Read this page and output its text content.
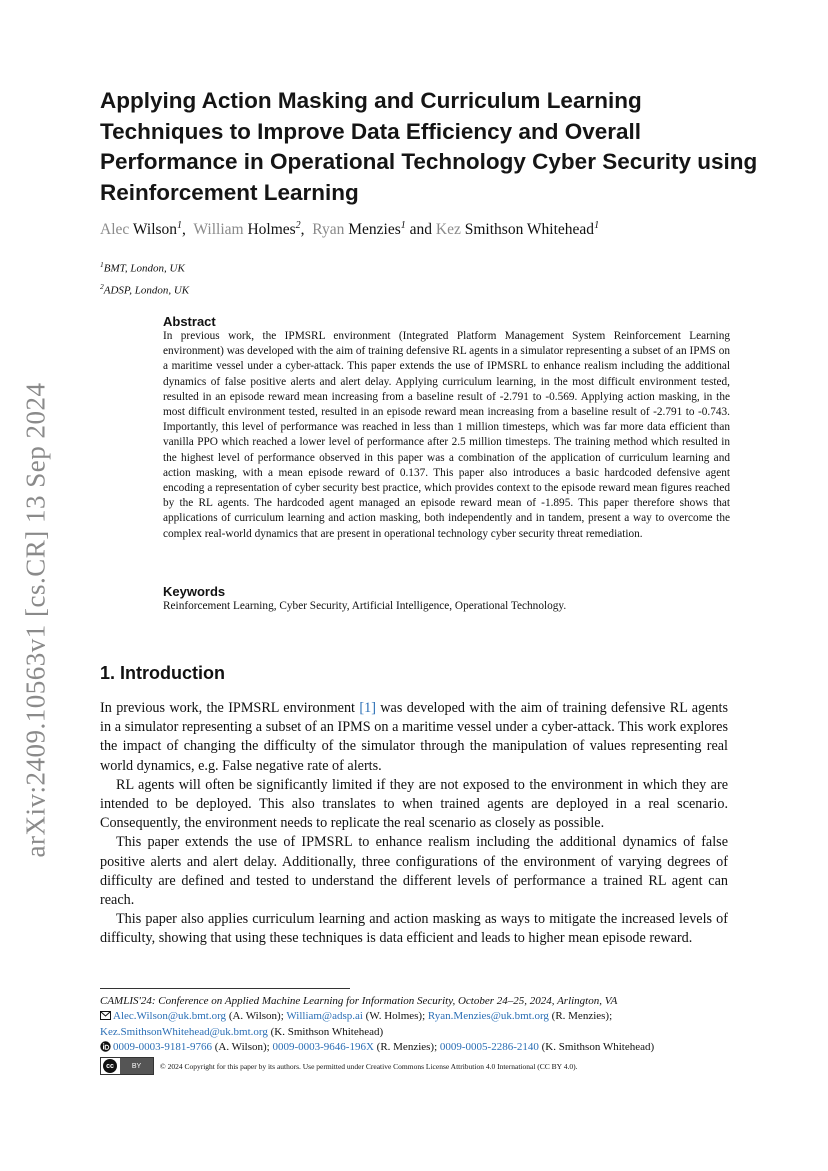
arXiv:2409.10563v1 [cs.CR] 13 Sep 2024
Applying Action Masking and Curriculum Learning Techniques to Improve Data Efficiency and Overall Performance in Operational Technology Cyber Security using Reinforcement Learning
Alec Wilson$^1$,  William Holmes$^2$,  Ryan Menzies$^1$ and Kez Smithson Whitehead$^1$
$^1$BMT, London, UK
$^2$ADSP, London, UK
Abstract

In previous work, the IPMSRL environment (Integrated Platform Management System Reinforcement Learning environment) was developed with the aim of training defensive RL agents in a simulator representing a subset of an IPMS on a maritime vessel under a cyber-attack. This paper extends the use of IPMSRL to enhance realism including the additional dynamics of false positive alerts and alert delay. Applying curriculum learning, in the most difficult environment tested, resulted in an episode reward mean increasing from a baseline result of -2.791 to -0.569. Applying action masking, in the most difficult environment tested, resulted in an episode reward mean increasing from a baseline result of -2.791 to -0.743. Importantly, this level of performance was reached in less than 1 million timesteps, which was far more data efficient than vanilla PPO which reached a lower level of performance after 2.5 million timesteps. The training method which resulted in the highest level of performance observed in this paper was a combination of the application of curriculum learning and action masking, with a mean episode reward of 0.137. This paper also introduces a basic hardcoded defensive agent encoding a representation of cyber security best practice, which provides context to the episode reward mean figures reached by the RL agents. The hardcoded agent managed an episode reward mean of -1.895. This paper therefore shows that applications of curriculum learning and action masking, both independently and in tandem, present a way to overcome the complex real-world dynamics that are present in operational technology cyber security threat remediation.

Keywords

Reinforcement Learning, Cyber Security, Artificial Intelligence, Operational Technology.

1. Introduction

In previous work, the IPMSRL environment [1] was developed with the aim of training defensive RL agents in a simulator representing a subset of an IPMS on a maritime vessel under a cyber-attack. This work explores the impact of changing the difficulty of the simulator through the manipulation of values representing real world dynamics, e.g. False negative rate of alerts.

RL agents will often be significantly limited if they are not exposed to the environment in which they are intended to be deployed. This also translates to when trained agents are deployed in a real scenario. Consequently, the environment needs to replicate the real scenario as closely as possible.

This paper extends the use of IPMSRL to enhance realism including the additional dynamics of false positive alerts and alert delay. Additionally, three configurations of the environment of varying degrees of difficulty are defined and tested to understand the different levels of performance a trained RL agent can reach.

This paper also applies curriculum learning and action masking as ways to mitigate the increased levels of difficulty, showing that using these techniques is data efficient and leads to higher mean episode reward.

CAMLIS'24: Conference on Applied Machine Learning for Information Security, October 24–25, 2024, Arlington, VA

Alec.Wilson@uk.bmt.org (A. Wilson); William@adsp.ai (W. Holmes); Ryan.Menzies@uk.bmt.org (R. Menzies);
Kez.SmithsonWhitehead@uk.bmt.org (K. Smithson Whitehead)

0009-0003-9181-9766 (A. Wilson); 0009-0003-9646-196X (R. Menzies); 0009-0005-2286-2140 (K. Smithson Whitehead)

cc	BY	© 2024 Copyright for this paper by its authors. Use permitted under Creative Commons License Attribution 4.0 International (CC BY 4.0).
